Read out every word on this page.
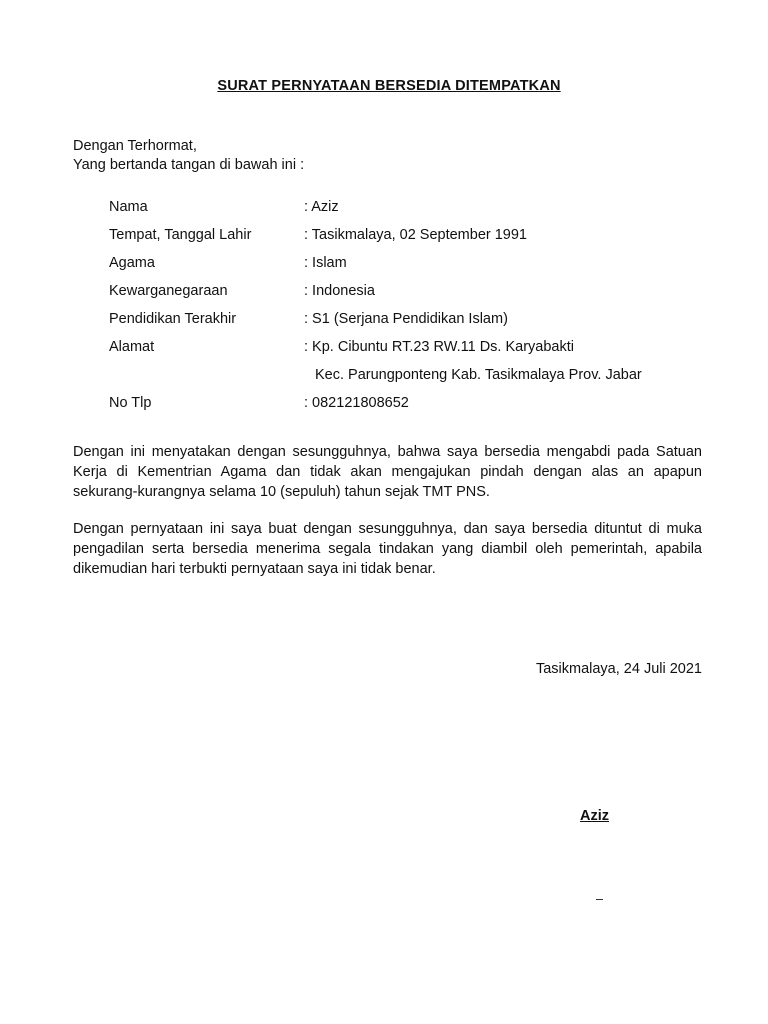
SURAT PERNYATAAN BERSEDIA DITEMPATKAN
Dengan Terhormat,
Yang bertanda tangan di bawah ini :
Nama	: Aziz
Tempat, Tanggal Lahir	: Tasikmalaya, 02 September 1991
Agama	: Islam
Kewarganegaraan	: Indonesia
Pendidikan Terakhir	: S1 (Serjana Pendidikan Islam)
Alamat	: Kp. Cibuntu RT.23 RW.11 Ds. Karyabakti
Kec. Parungponteng Kab. Tasikmalaya Prov. Jabar
No Tlp	: 082121808652
Dengan ini menyatakan dengan sesungguhnya, bahwa saya bersedia mengabdi pada Satuan Kerja di Kementrian Agama dan tidak akan mengajukan pindah dengan alas an apapun sekurang-kurangnya selama 10 (sepuluh) tahun sejak TMT PNS.
Dengan pernyataan ini saya buat dengan sesungguhnya, dan saya bersedia dituntut di muka pengadilan serta bersedia menerima segala tindakan yang diambil oleh pemerintah, apabila dikemudian hari terbukti pernyataan saya ini tidak benar.
Tasikmalaya, 24 Juli 2021
Aziz
